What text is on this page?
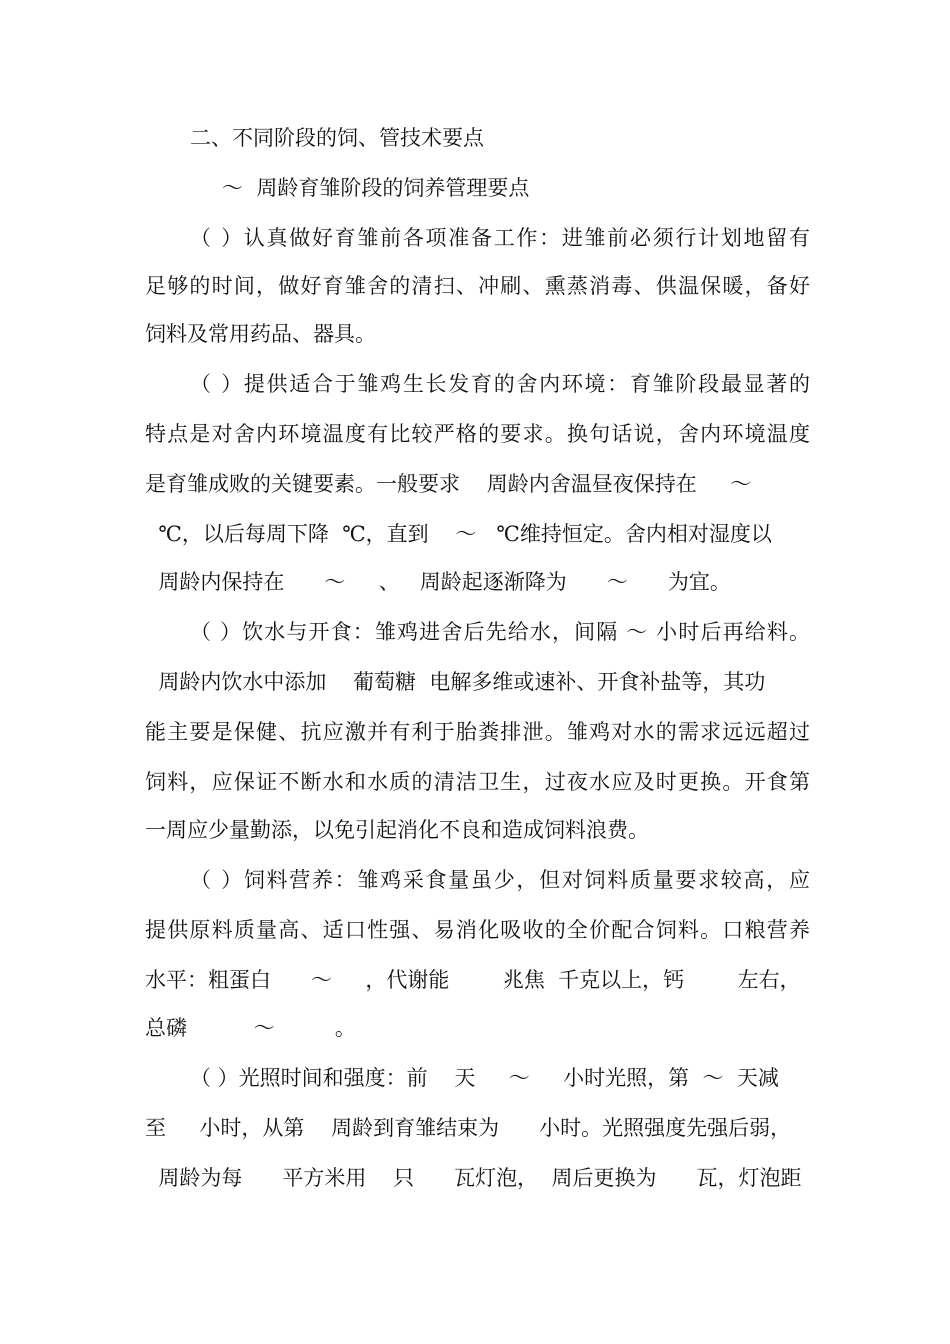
二、不同阶段的饲、管技术要点
～  周龄育雏阶段的饲养管理要点
（ ）认真做好育雏前各项准备工作：进雏前必须行计划地留有
足够的时间，做好育雏舍的清扫、冲刷、熏蒸消毒、供温保暖，备好
饲料及常用药品、器具。
（ ）提供适合于雏鸡生长发育的舍内环境：育雏阶段最显著的
特点是对舍内环境温度有比较严格的要求。换句话说，舍内环境温度
是育雏成败的关键要素。一般要求    周龄内舍温昼夜保持在     ～
℃，以后每周下降  ℃，直到    ～   ℃维持恒定。舍内相对湿度以
周龄内保持在      ～     、   周龄起逐渐降为      ～      为宜。
（ ）饮水与开食：雏鸡进舍后先给水，间隔 ～ 小时后再给料。
周龄内饮水中添加    葡萄糖  电解多维或速补、开食补盐等，其功
能主要是保健、抗应激并有利于胎粪排泄。雏鸡对水的需求远远超过
饲料，应保证不断水和水质的清洁卫生，过夜水应及时更换。开食第
一周应少量勤添，以免引起消化不良和造成饲料浪费。
（ ）饲料营养：雏鸡采食量虽少，但对饲料质量要求较高，应
提供原料质量高、适口性强、易消化吸收的全价配合饲料。口粮营养
水平：粗蛋白      ～     ，代谢能        兆焦  千克以上，钙        左右，
总磷          ～         。
（ ）光照时间和强度：前    天     ～     小时光照，第  ～  天减
至     小时，从第    周龄到育雏结束为      小时。光照强度先强后弱，
周龄为每      平方米用    只      瓦灯泡，  周后更换为      瓦，灯泡距
